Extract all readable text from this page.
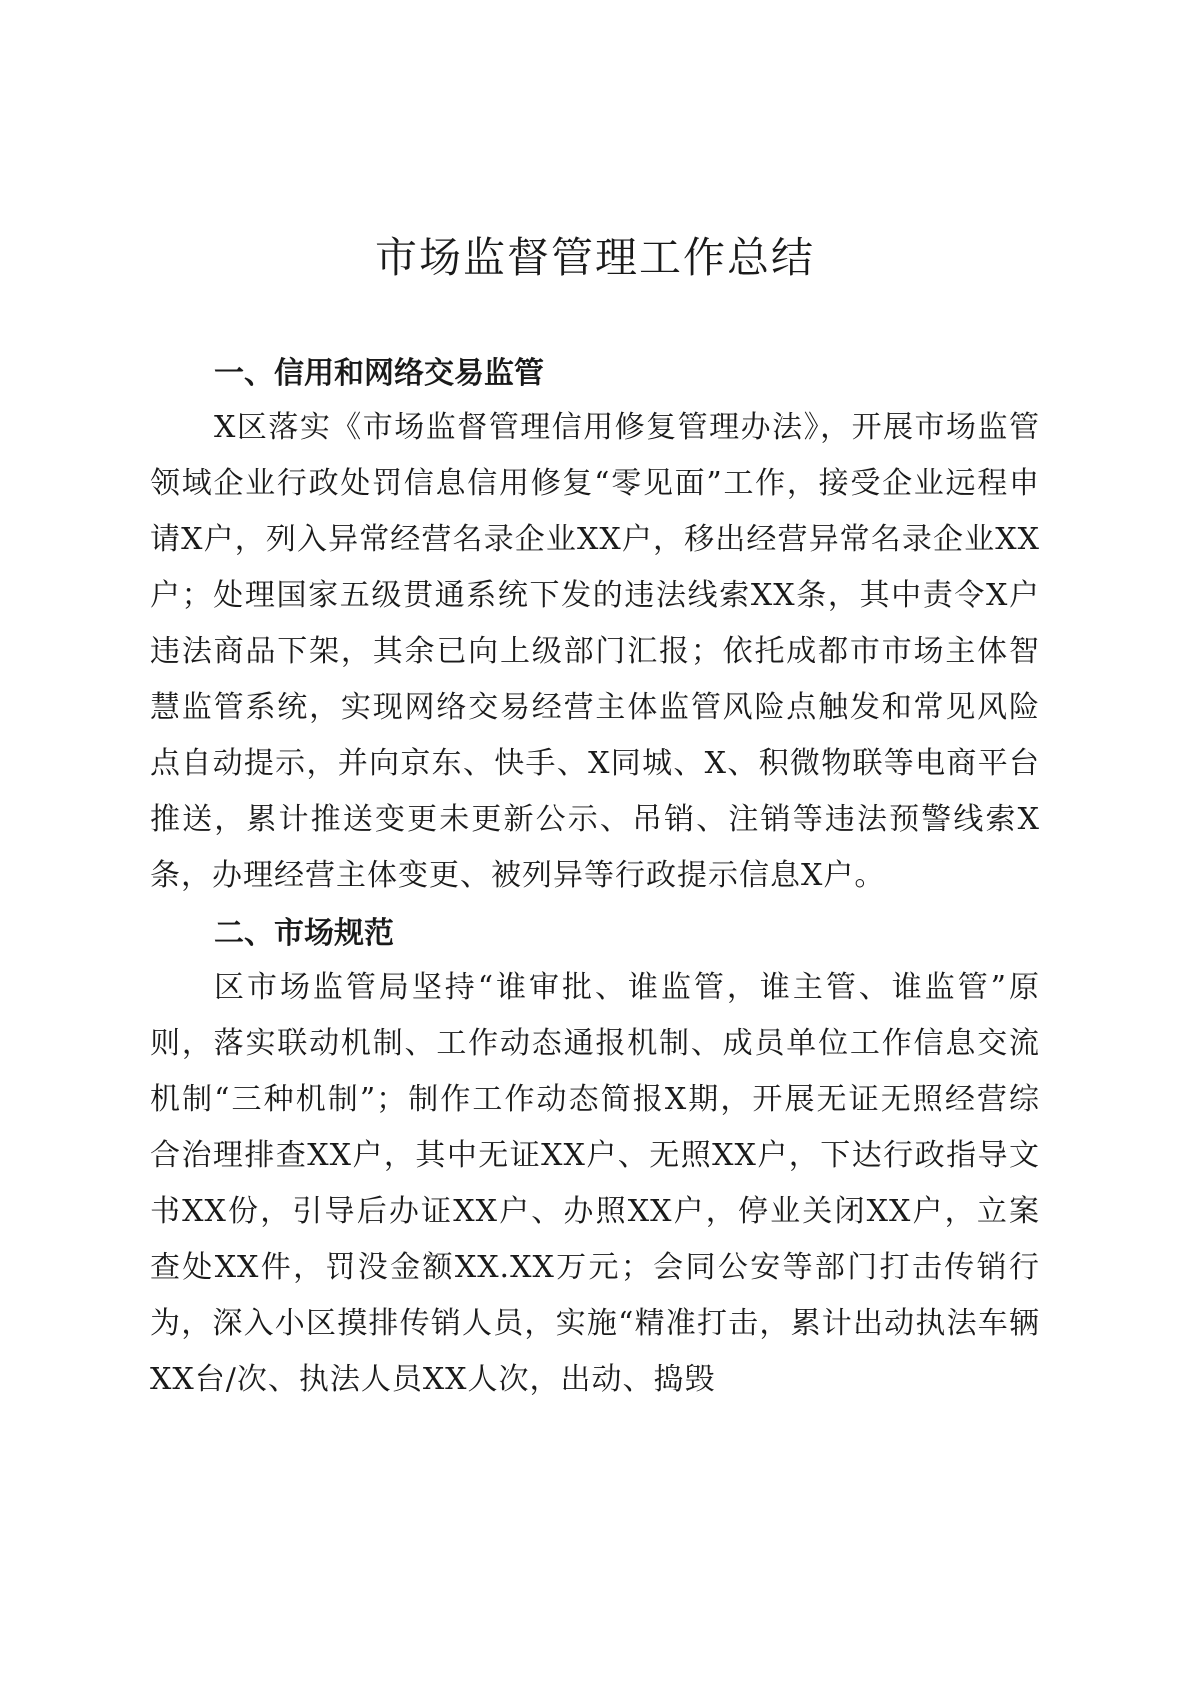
市场监督管理工作总结
一、信用和网络交易监管

X区落实《市场监督管理信用修复管理办法》，开展市场监管领域企业行政处罚信息信用修复“零见面”工作，接受企业远程申请X户，列入异常经营名录企业XX户，移出经营异常名录企业XX户；处理国家五级贯通系统下发的违法线索XX条，其中责令X户违法商品下架，其余已向上级部门汇报；依托成都市市场主体智慧监管系统，实现网络交易经营主体监管风险点触发和常见风险点自动提示，并向京东、快手、X同城、X、积微物联等电商平台推送，累计推送变更未更新公示、吊销、注销等违法预警线索X条，办理经营主体变更、被列异等行政提示信息X户。

二、市场规范

区市场监管局坚持“谁审批、谁监管，谁主管、谁监管”原则，落实联动机制、工作动态通报机制、成员单位工作信息交流机制“三种机制”；制作工作动态简报X期，开展无证无照经营综合治理排查XX户，其中无证XX户、无照XX户，下达行政指导文书XX份，引导后办证XX户、办照XX户，停业关闭XX户，立案查处XX件，罚没金额XX.XX万元；会同公安等部门打击传销行为，深入小区摸排传销人员，实施“精准打击，累计出动执法车辆XX台/次、执法人员XX人次，出动、捣毁
